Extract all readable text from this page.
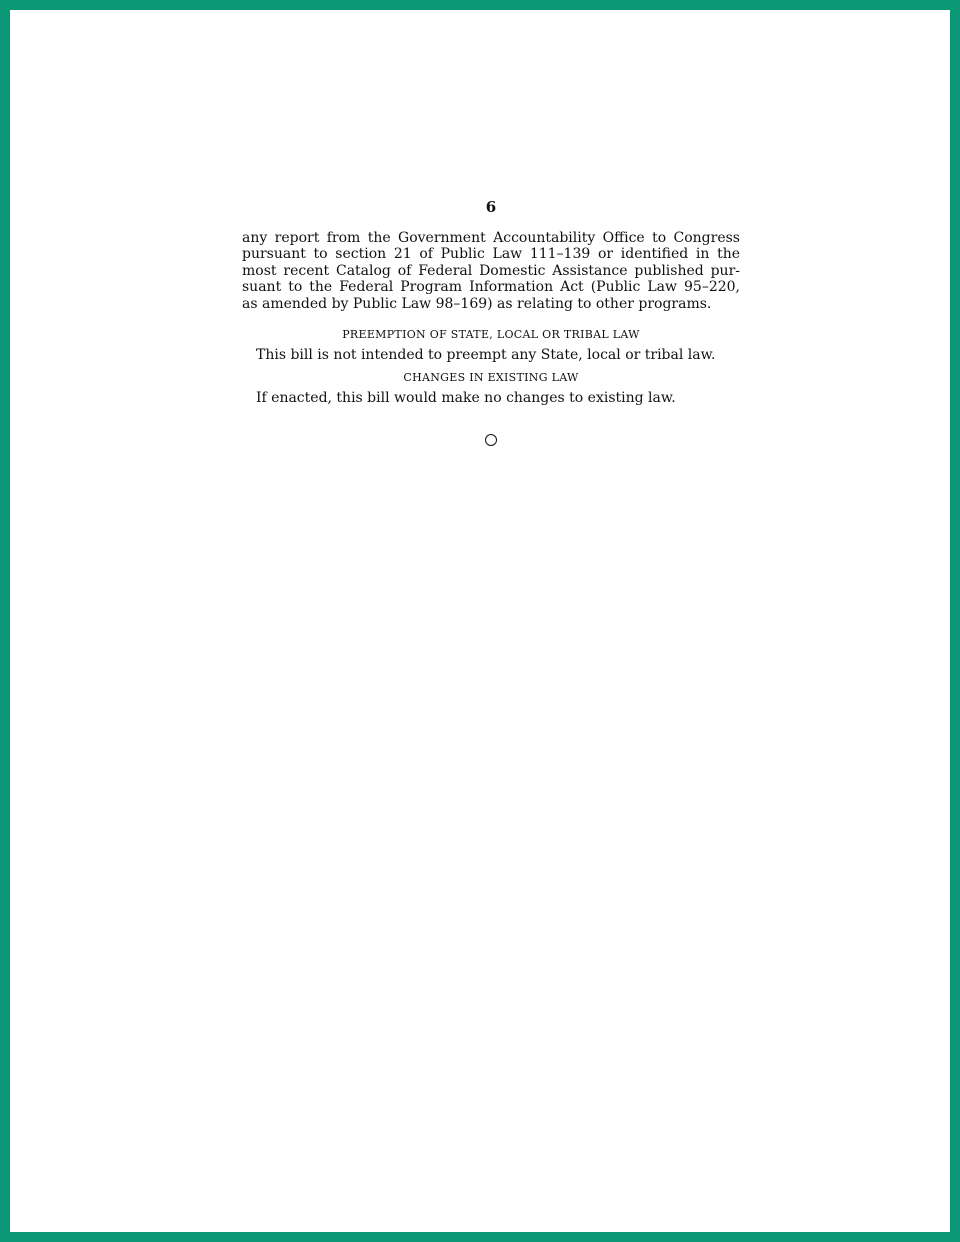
6
any report from the Government Accountability Office to Congress
pursuant to section 21 of Public Law 111–139 or identified in the
most recent Catalog of Federal Domestic Assistance published pur-
suant to the Federal Program Information Act (Public Law 95–220,
as amended by Public Law 98–169) as relating to other programs.
PREEMPTION OF STATE, LOCAL OR TRIBAL LAW
This bill is not intended to preempt any State, local or tribal law.
CHANGES IN EXISTING LAW
If enacted, this bill would make no changes to existing law.
